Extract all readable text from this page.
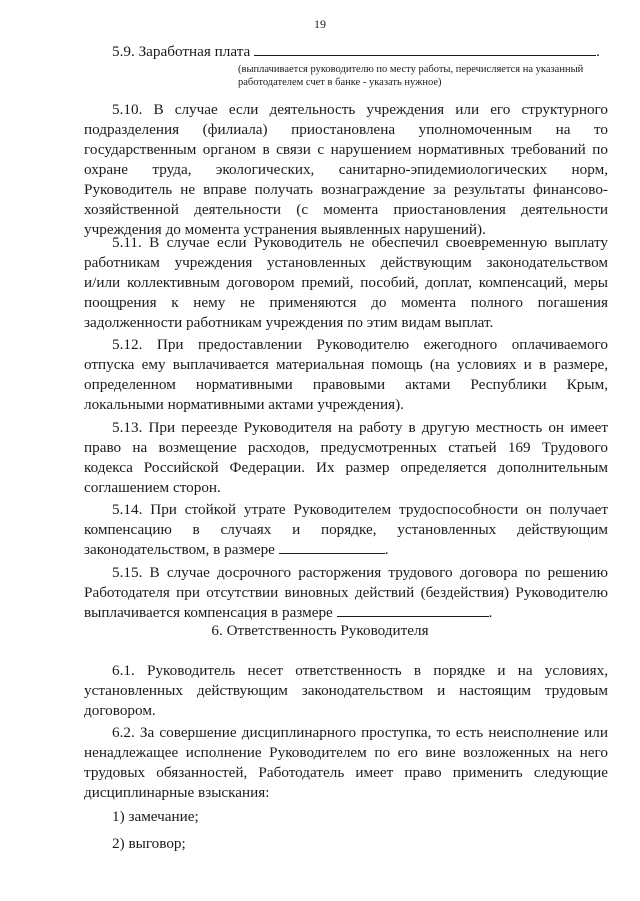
19
5.9. Заработная плата	.
(выплачивается руководителю по месту работы, перечисляется на указанный
работодателем счет в банке - указать нужное)
5.10. В случае если деятельность учреждения или его структурного
подразделения (филиала) приостановлена уполномоченным на то
государственным органом в связи с нарушением нормативных требований по
охране труда, экологических, санитарно-эпидемиологических норм,
Руководитель не вправе получать вознаграждение за результаты финансово-
хозяйственной деятельности (с момента приостановления деятельности
учреждения до момента устранения выявленных нарушений).
5.11. В случае если Руководитель не обеспечил своевременную выплату
работникам учреждения установленных действующим законодательством
и/или коллективным договором премий, пособий, доплат, компенсаций, меры
поощрения к нему не применяются до момента полного погашения
задолженности работникам учреждения по этим видам выплат.
5.12. При предоставлении Руководителю ежегодного оплачиваемого
отпуска ему выплачивается материальная помощь (на условиях и в размере,
определенном нормативными правовыми актами Республики Крым,
локальными нормативными актами учреждения).
5.13. При переезде Руководителя на работу в другую местность он имеет
право на возмещение расходов, предусмотренных статьей 169 Трудового
кодекса Российской Федерации. Их размер определяется дополнительным
соглашением сторон.
5.14. При стойкой утрате Руководителем трудоспособности он получает
компенсацию в случаях и порядке, установленных действующим
законодательством, в размере	.
5.15. В случае досрочного расторжения трудового договора по решению
Работодателя при отсутствии виновных действий (бездействия) Руководителю
выплачивается компенсация в размере	.
6. Ответственность Руководителя
6.1. Руководитель несет ответственность в порядке и на условиях,
установленных действующим законодательством и настоящим трудовым
договором.
6.2. За совершение дисциплинарного проступка, то есть неисполнение или
ненадлежащее исполнение Руководителем по его вине возложенных на него
трудовых обязанностей, Работодатель имеет право применить следующие
дисциплинарные взыскания:
1) замечание;
2) выговор;
